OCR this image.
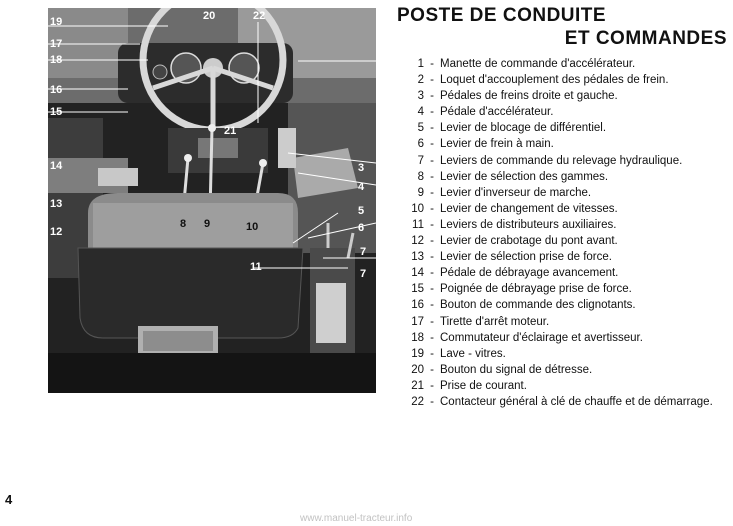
19
17
18
16
15
14
13
12
20	22
21
3
4
5
6
7
7
8 9	10
11
POSTE DE CONDUITE
ET COMMANDES
1 - Manette de commande d'accélérateur.
2 - Loquet d'accouplement des pédales de frein.
3 - Pédales de freins droite et gauche.
4 - Pédale d'accélérateur.
5 - Levier de blocage de différentiel.
6 - Levier de frein à main.
7 - Leviers de commande du relevage hydraulique.
8 - Levier de sélection des gammes.
9 - Levier d'inverseur de marche.
10 - Levier de changement de vitesses.
11 - Leviers de distributeurs auxiliaires.
12 - Levier de crabotage du pont avant.
13 - Levier de sélection prise de force.
14 - Pédale de débrayage avancement.
15 - Poignée de débrayage prise de force.
16 - Bouton de commande des clignotants.
17 - Tirette d'arrêt moteur.
18 - Commutateur d'éclairage et avertisseur.
19 - Lave - vitres.
20 - Bouton du signal de détresse.
21 - Prise de courant.
22 - Contacteur général à clé de chauffe et de démarrage.
4
www.manuel-tracteur.info
